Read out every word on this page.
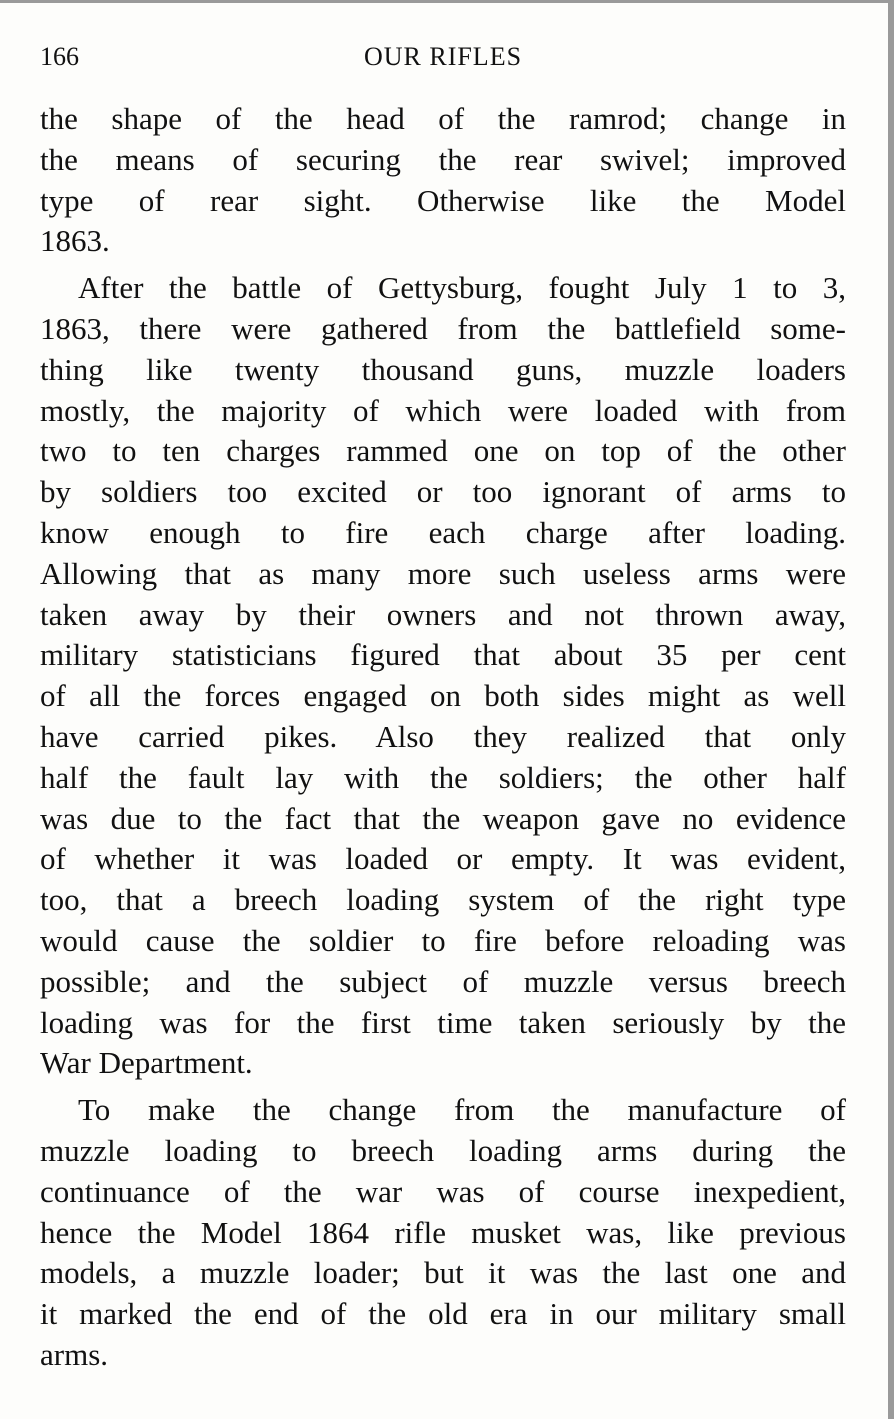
166	OUR RIFLES

the shape of the head of the ramrod; change in
the means of securing the rear swivel; improved
type of rear sight. Otherwise like the Model
1863.

After the battle of Gettysburg, fought July 1 to 3,
1863, there were gathered from the battlefield some-
thing like twenty thousand guns, muzzle loaders
mostly, the majority of which were loaded with from
two to ten charges rammed one on top of the other
by soldiers too excited or too ignorant of arms to
know enough to fire each charge after loading.
Allowing that as many more such useless arms were
taken away by their owners and not thrown away,
military statisticians figured that about 35 per cent
of all the forces engaged on both sides might as well
have carried pikes. Also they realized that only
half the fault lay with the soldiers; the other half
was due to the fact that the weapon gave no evidence
of whether it was loaded or empty. It was evident,
too, that a breech loading system of the right type
would cause the soldier to fire before reloading was
possible; and the subject of muzzle versus breech
loading was for the first time taken seriously by the
War Department.

To make the change from the manufacture of
muzzle loading to breech loading arms during the
continuance of the war was of course inexpedient,
hence the Model 1864 rifle musket was, like previous
models, a muzzle loader; but it was the last one and
it marked the end of the old era in our military small
arms.
